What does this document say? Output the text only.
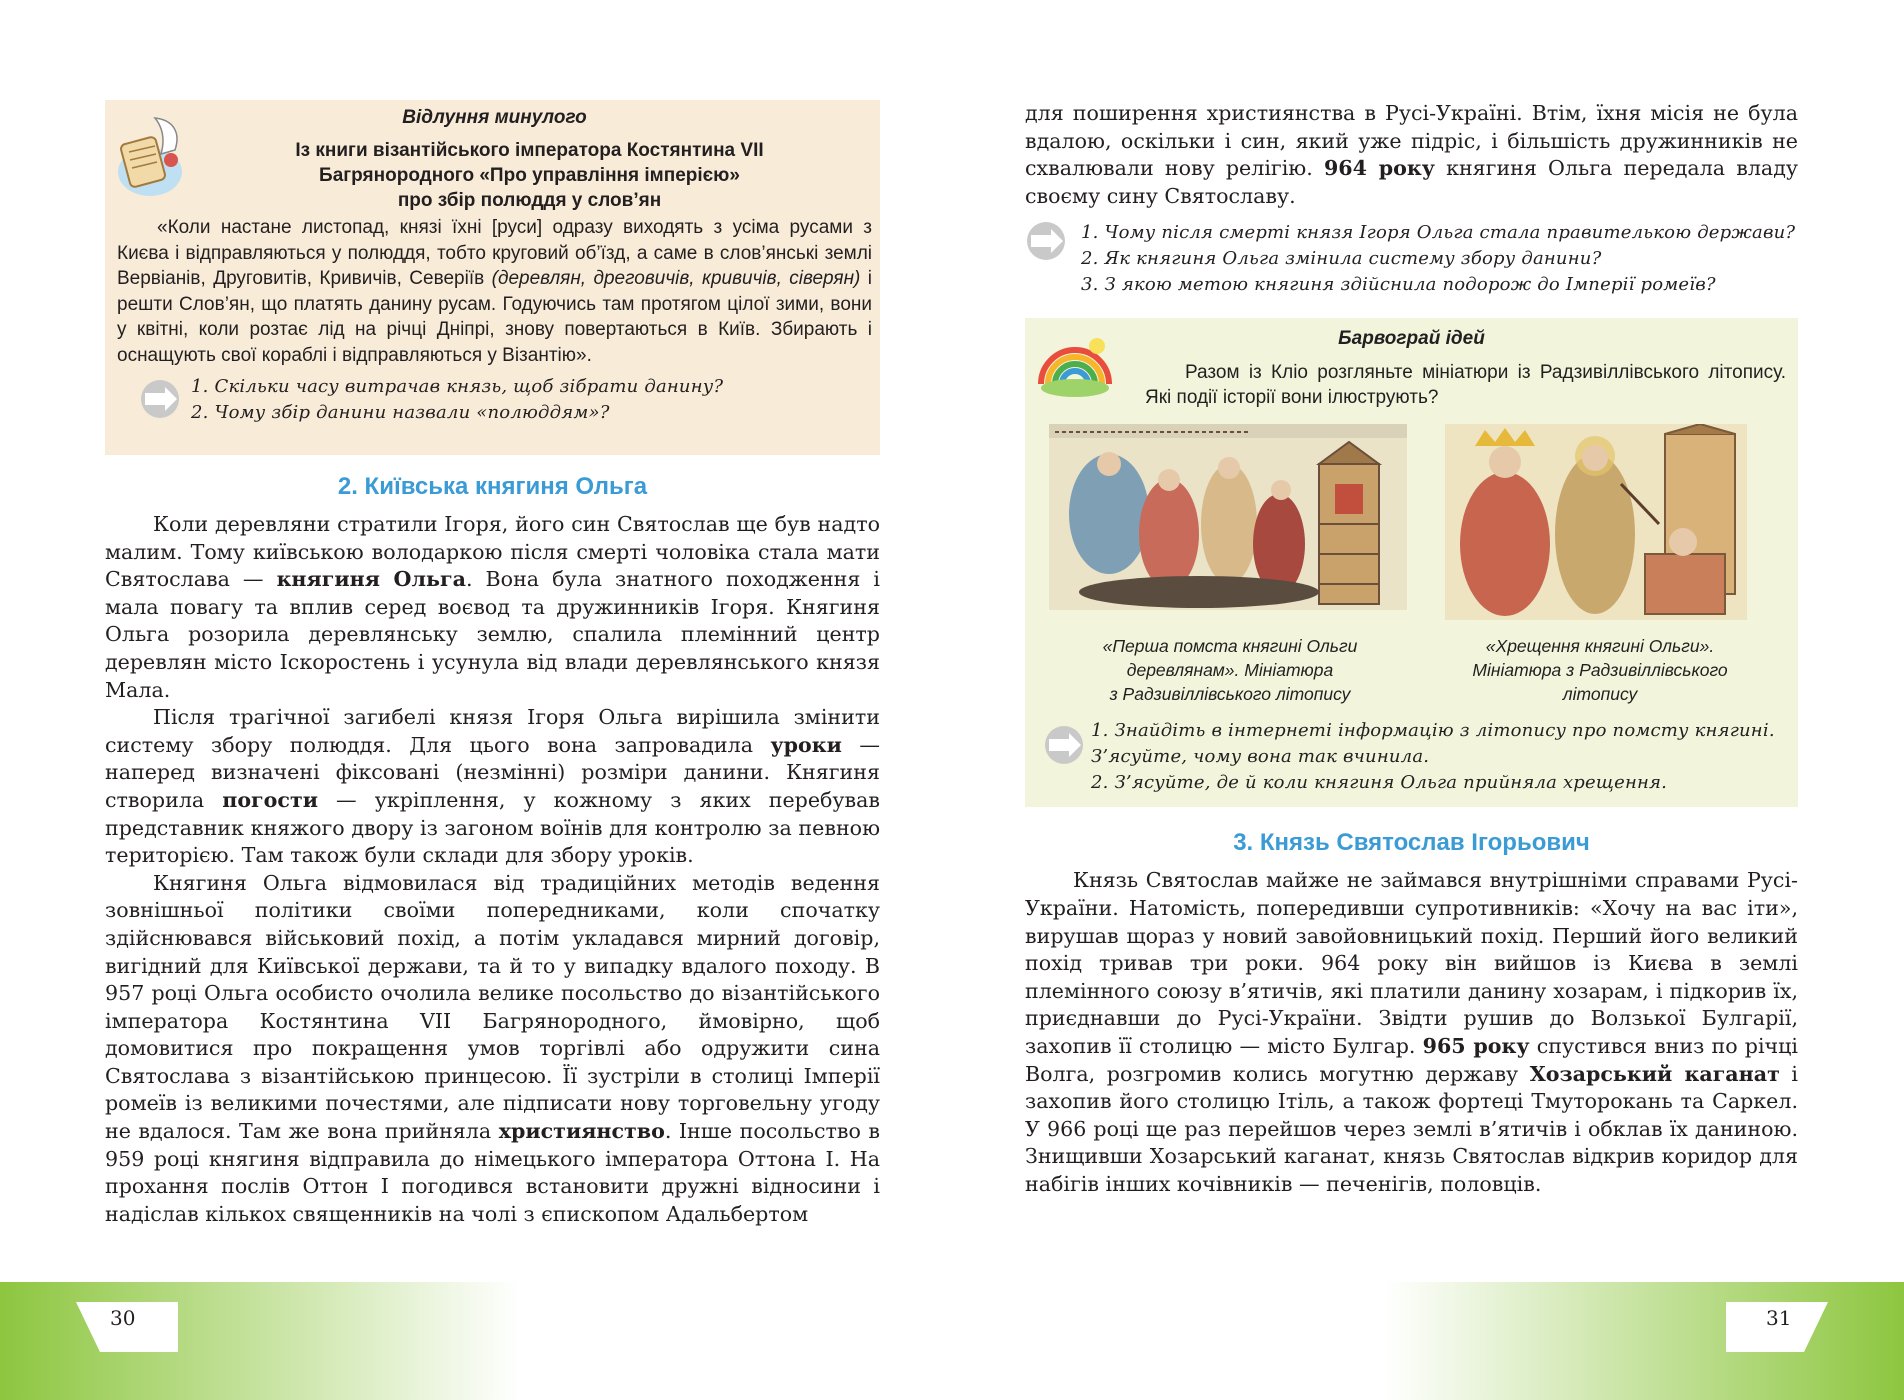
Відлуння минулого
Із книги візантійського імператора Костянтина VII
Багрянородного «Про управління імперією»
про збір полюддя у слов’ян

«Коли настане листопад, князі їхні [руси] одразу виходять з усіма русами з Києва і відправляються у полюддя, тобто круговий об’їзд, а саме в слов’янські землі Вервіанів, Друговитів, Кривичів, Северіїв (деревлян, дреговичів, кривичів, сіверян) і решти Слов’ян, що платять данину русам. Годуючись там протягом цілої зими, вони у квітні, коли розтає лід на річці Дніпрі, знову повертаються в Київ. Збирають і оснащують свої кораблі і відправляються у Візантію».

1. Скільки часу витрачав князь, щоб зібрати данину?

2. Чому збір данини назвали «полюддям»?

2. Київська княгиня Ольга

Коли деревляни стратили Ігоря, його син Святослав ще був надто малим. Тому київською володаркою після смерті чоловіка стала мати Святослава — княгиня Ольга. Вона була знатного походження і мала повагу та вплив серед воєвод та дружинників Ігоря. Княгиня Ольга розорила деревлянську землю, спалила племінний центр деревлян місто Іскоростень і усунула від влади деревлянського князя Мала.

Після трагічної загибелі князя Ігоря Ольга вирішила змінити систему збору полюддя. Для цього вона запровадила уроки — наперед визначені фіксовані (незмінні) розміри данини. Княгиня створила погости — укріплення, у кожному з яких перебував представник княжого двору із загоном воїнів для контролю за певною територією. Там також були склади для збору уроків.

Княгиня Ольга відмовилася від традиційних методів ведення зовнішньої політики своїми попередниками, коли спочатку здійснювався військовий похід, а потім укладався мирний договір, вигідний для Київської держави, та й то у випадку вдалого походу. В 957 році Ольга особисто очолила велике посольство до візантійського імператора Костянтина VII Багрянородного, ймовірно, щоб домовитися про покращення умов торгівлі або одружити сина Святослава з візантійською принцесою. Її зустріли в столиці Імперії ромеїв із великими почестями, але підписати нову торговельну угоду не вдалося. Там же вона прийняла християнство. Інше посольство в 959 році княгиня відправила до німецького імператора Оттона І. На прохання послів Оттон І погодився встановити дружні відносини і надіслав кількох священників на чолі з єпископом Адальбертом

для поширення християнства в Русі-Україні. Втім, їхня місія не була вдалою, оскільки і син, який уже підріс, і більшість дружинників не схвалювали нову релігію. 964 року княгиня Ольга передала владу своєму сину Святославу.

1. Чому після смерті князя Ігоря Ольга стала правителькою держави?

2. Як княгиня Ольга змінила систему збору данини?

3. З якою метою княгиня здійснила подорож до Імперії ромеїв?

Барвограй ідей
Разом із Кліо розгляньте мініатюри із Радзивіллівського літопису. Які події історії вони ілюструють?
«Перша помста княгині Ольги
деревлянам». Мініатюра
з Радзивіллівського літопису
«Хрещення княгині Ольги».
Мініатюра з Радзивіллівського
літопису

1. Знайдіть в інтернеті інформацію з літопису про помсту княгині. З’ясуйте, чому вона так вчинила.

2. З’ясуйте, де й коли княгиня Ольга прийняла хрещення.

3. Князь Святослав Ігорьович

Князь Святослав майже не займався внутрішніми справами Русі-України. Натомість, попередивши супротивників: «Хочу на вас іти», вирушав щораз у новий завойовницький похід. Перший його великий похід тривав три роки. 964 року він вийшов із Києва в землі племінного союзу в’ятичів, які платили данину хозарам, і підкорив їх, приєднавши до Русі-України. Звідти рушив до Волзької Булгарії, захопив її столицю — місто Булгар. 965 року спустився вниз по річці Волга, розгромив колись могутню державу Хозарський каганат і захопив його столицю Ітіль, а також фортеці Тмуторокань та Саркел. У 966 році ще раз перейшов через землі в’ятичів і обклав їх данинoю. Знищивши Хозарський каганат, князь Святослав відкрив коридор для набігів інших кочівників — печенігів, половців.

30	31
